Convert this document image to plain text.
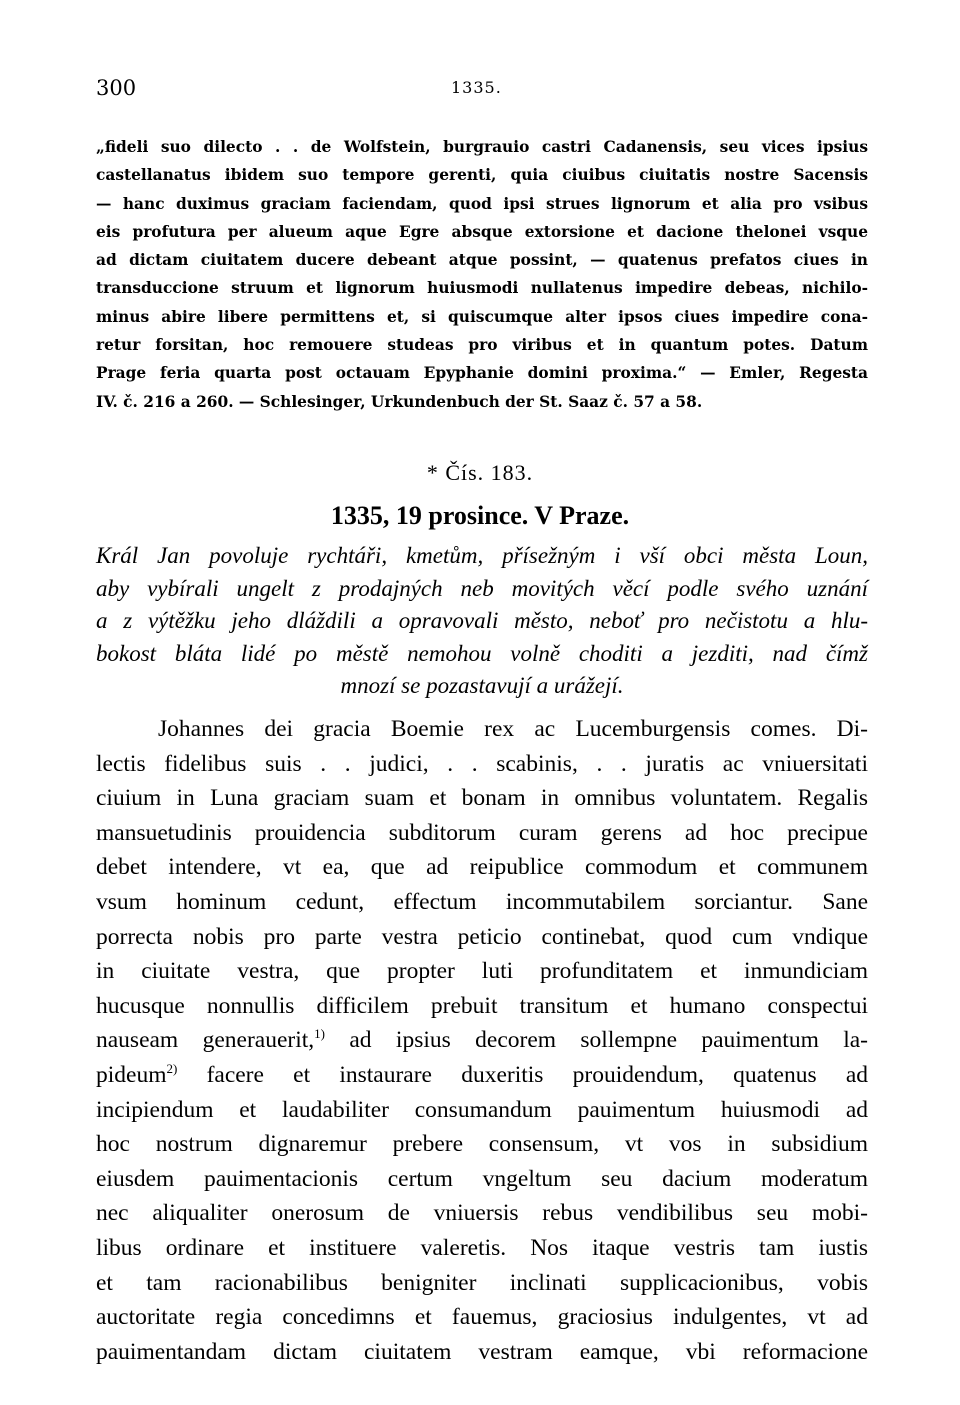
300	1335.
„fideli suo dilecto . . de Wolfstein, burgrauio castri Cadanensis, seu vices ipsius
castellanatus ibidem suo tempore gerenti, quia ciuibus ciuitatis nostre Sacensis
— hanc duximus graciam faciendam, quod ipsi strues lignorum et alia pro vsibus
eis profutura per alueum aque Egre absque extorsione et dacione thelonei vsque
ad dictam ciuitatem ducere debeant atque possint, — quatenus prefatos ciues in
transduccione struum et lignorum huiusmodi nullatenus impedire debeas, nichilo-
minus abire libere permittens et, si quiscumque alter ipsos ciues impedire cona-
retur forsitan, hoc remouere studeas pro viribus et in quantum potes. Datum
Prage feria quarta post octauam Epyphanie domini proxima.“ — Emler, Regesta
IV. č. 216 a 260. — Schlesinger, Urkundenbuch der St. Saaz č. 57 a 58.
* Čís. 183.
1335, 19 prosince. V Praze.
Král Jan povoluje rychtáři, kmetům, přísežným i vší obci města Loun,
aby vybírali ungelt z prodajných neb movitých věcí podle svého uznání
a z výtěžku jeho dláždili a opravovali město, neboť pro nečistotu a hlu-
bokost bláta lidé po městě nemohou volně choditi a jezditi, nad čímž
mnozí se pozastavují a urážejí.
Johannes dei gracia Boemie rex ac Lucemburgensis comes. Di-
lectis fidelibus suis . . judici, . . scabinis, . . juratis ac vniuersitati
ciuium in Luna graciam suam et bonam in omnibus voluntatem. Regalis
mansuetudinis prouidencia subditorum curam gerens ad hoc precipue
debet intendere, vt ea, que ad reipublice commodum et communem
vsum hominum cedunt, effectum incommutabilem sorciantur. Sane
porrecta nobis pro parte vestra peticio continebat, quod cum vndique
in ciuitate vestra, que propter luti profunditatem et inmundiciam
hucusque nonnullis difficilem prebuit transitum et humano conspectui
nauseam generauerit,$^{1)}$ ad ipsius decorem sollempne pauimentum la-
pideum$^{2)}$ facere et instaurare duxeritis prouidendum, quatenus ad
incipiendum et laudabiliter consumandum pauimentum huiusmodi ad
hoc nostrum dignaremur prebere consensum, vt vos in subsidium
eiusdem pauimentacionis certum vngeltum seu dacium moderatum
nec aliqualiter onerosum de vniuersis rebus vendibilibus seu mobi-
libus ordinare et instituere valeretis. Nos itaque vestris tam iustis
et tam racionabilibus benigniter inclinati supplicacionibus, vobis
auctoritate regia concedimns et fauemus, graciosius indulgentes, vt ad
pauimentandam dictam ciuitatem vestram eamque, vbi reformacione
